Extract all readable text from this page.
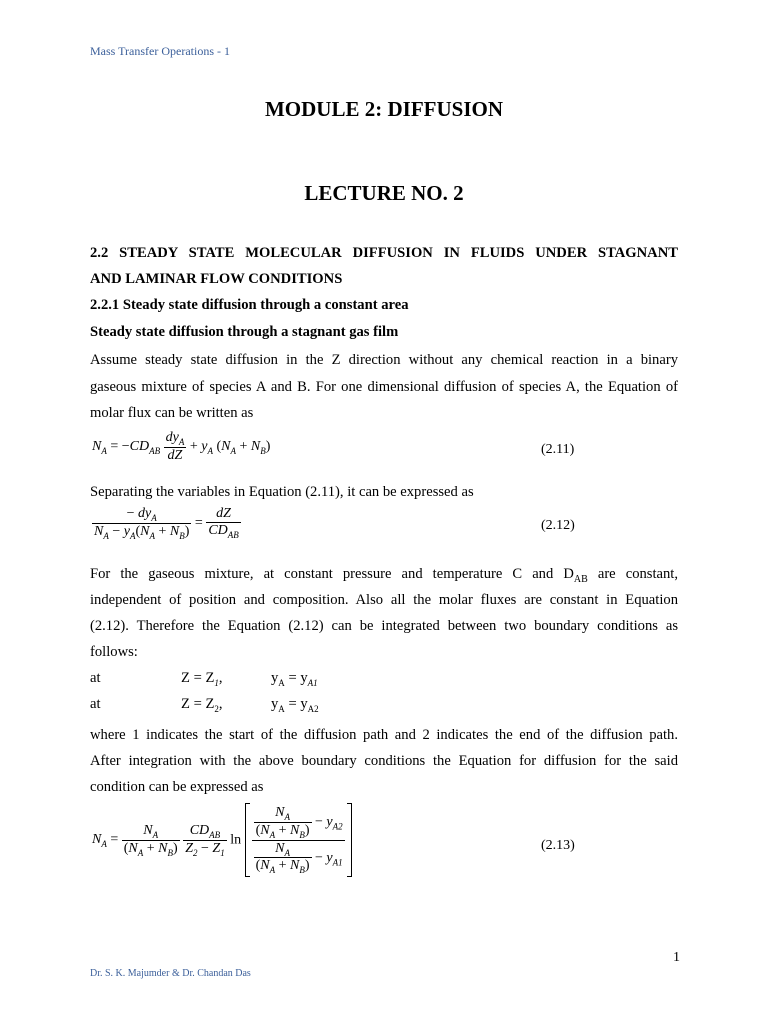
Mass Transfer Operations - 1
MODULE 2: DIFFUSION
LECTURE NO. 2
2.2 STEADY STATE MOLECULAR DIFFUSION IN FLUIDS UNDER STAGNANT
AND LAMINAR FLOW CONDITIONS
2.2.1 Steady state diffusion through a constant area
Steady state diffusion through a stagnant gas film
Assume steady state diffusion in the Z direction without any chemical reaction in a binary
gaseous mixture of species A and B. For one dimensional diffusion of species A, the Equation of
molar flux can be written as
$N_A = -CD_{AB} \frac{dy_A}{dZ} + y_A$ $(N_A + N_B)$	(2.11)
Separating the variables in Equation (2.11), it can be expressed as
$\frac{- dy_A}{N_A - y_A(N_A + N_B)} = \frac{dZ}{CD_{AB}}$	(2.12)
For the gaseous mixture, at constant pressure and temperature C and $D_{AB}$ are constant,
independent of position and composition. Also all the molar fluxes are constant in Equation
(2.12). Therefore the Equation (2.12) can be integrated between two boundary conditions as
follows:
at	$Z = Z_1$,	$y_A = y_{A1}$
at	$Z = Z_2$,	$y_A = y_{A2}$
where 1 indicates the start of the diffusion path and 2 indicates the end of the diffusion path.
After integration with the above boundary conditions the Equation for diffusion for the said
condition can be expressed as
$N_A = \frac{N_A}{(N_A + N_B)}$
$\frac{CD_{AB}}{Z_2 - Z_1}$ $\ln \frac{\frac{N_A}{(N_A + N_B)} - y_{A2}}{\frac{N_A}{(N_A + N_B)} - y_{A1}}$	(2.13)
1
Dr. S. K. Majumder & Dr. Chandan Das
